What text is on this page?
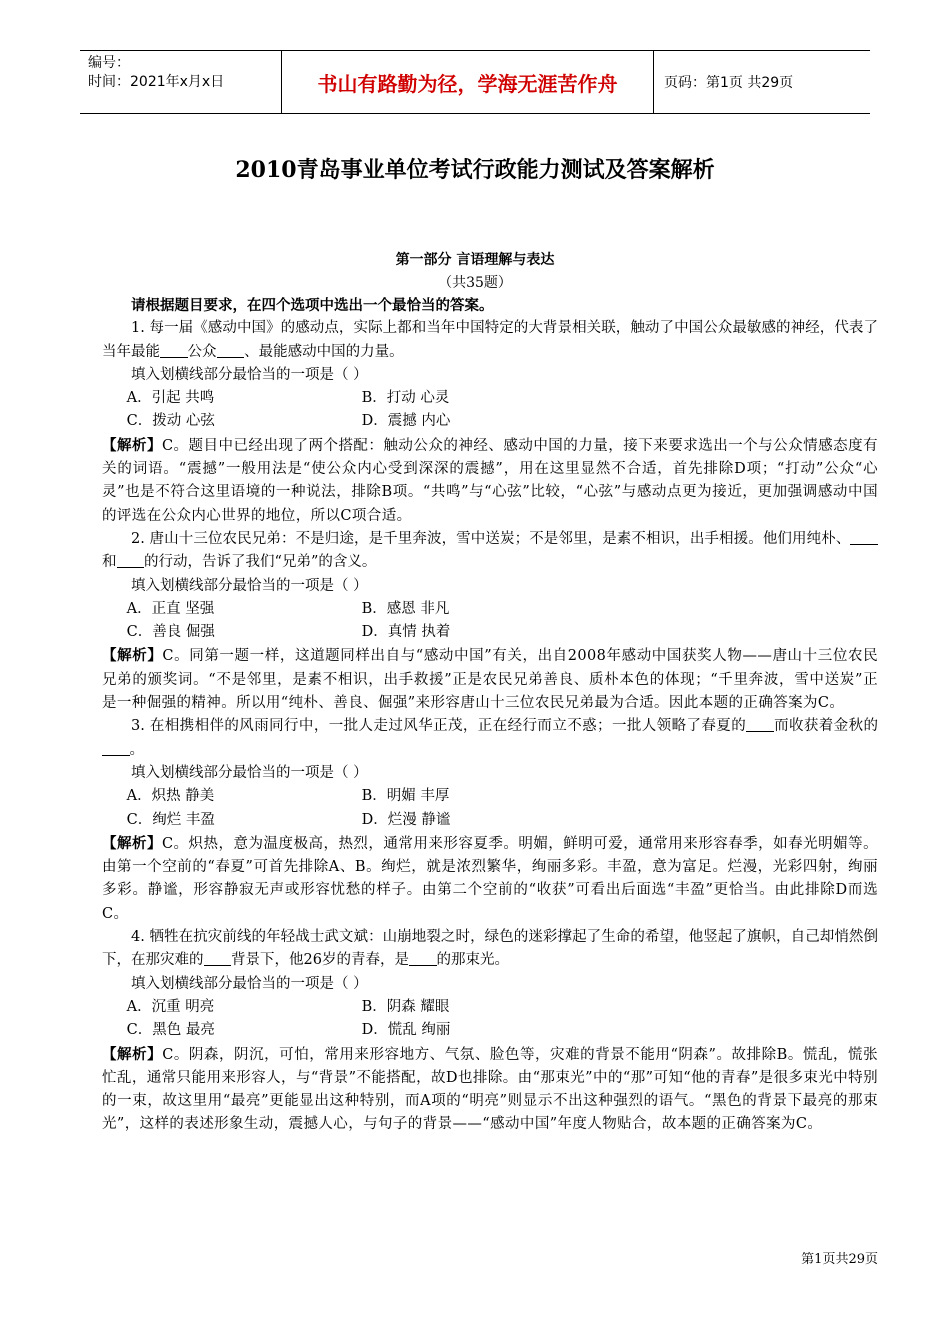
编号：
时间：2021年x月x日	书山有路勤为径，学海无涯苦作舟	页码：第1页 共29页
2010青岛事业单位考试行政能力测试及答案解析
第一部分 言语理解与表达
（共35题）

请根据题目要求，在四个选项中选出一个最恰当的答案。

1. 每一届《感动中国》的感动点，实际上都和当年中国特定的大背景相关联，触动了中国公众最敏感的神经，代表了当年最能 公众 、最能感动中国的力量。

填入划横线部分最恰当的一项是（ ）

A．引起 共鸣	B．打动 心灵
C．拨动 心弦	D．震撼 内心

【解析】C。题目中已经出现了两个搭配：触动公众的神经、感动中国的力量，接下来要求选出一个与公众情感态度有关的词语。“震撼”一般用法是“使公众内心受到深深的震撼”，用在这里显然不合适，首先排除D项；“打动”公众“心灵”也是不符合这里语境的一种说法，排除B项。“共鸣”与“心弦”比较，“心弦”与感动点更为接近，更加强调感动中国的评选在公众内心世界的地位，所以C项合适。

2. 唐山十三位农民兄弟：不是归途，是千里奔波，雪中送炭；不是邻里，是素不相识，出手相援。他们用纯朴、和 的行动，告诉了我们“兄弟”的含义。

填入划横线部分最恰当的一项是（ ）

A．正直 坚强	B．感恩 非凡
C．善良 倔强	D．真情 执着

【解析】C。同第一题一样，这道题同样出自与“感动中国”有关，出自2008年感动中国获奖人物——唐山十三位农民兄弟的颁奖词。“不是邻里，是素不相识，出手救援”正是农民兄弟善良、质朴本色的体现；“千里奔波，雪中送炭”正是一种倔强的精神。所以用“纯朴、善良、倔强”来形容唐山十三位农民兄弟最为合适。因此本题的正确答案为C。

3. 在相携相伴的风雨同行中，一批人走过风华正茂，正在经行而立不惑；一批人领略了春夏的 而收获着金秋的。

填入划横线部分最恰当的一项是（ ）

A．炽热 静美	B．明媚 丰厚
C．绚烂 丰盈	D．烂漫 静谧

【解析】C。炽热，意为温度极高，热烈，通常用来形容夏季。明媚，鲜明可爱，通常用来形容春季，如春光明媚等。由第一个空前的“春夏”可首先排除A、B。绚烂，就是浓烈繁华，绚丽多彩。丰盈，意为富足。烂漫，光彩四射，绚丽多彩。静谧，形容静寂无声或形容忧愁的样子。由第二个空前的“收获”可看出后面选“丰盈”更恰当。由此排除D而选C。

4. 牺牲在抗灾前线的年轻战士武文斌：山崩地裂之时，绿色的迷彩撑起了生命的希望，他竖起了旗帜，自己却悄然倒下，在那灾难的 背景下，他26岁的青春，是 的那束光。

填入划横线部分最恰当的一项是（ ）

A．沉重 明亮	B．阴森 耀眼
C．黑色 最亮	D．慌乱 绚丽

【解析】C。阴森，阴沉，可怕，常用来形容地方、气氛、脸色等，灾难的背景不能用“阴森”。故排除B。慌乱，慌张忙乱，通常只能用来形容人，与“背景”不能搭配，故D也排除。由“那束光”中的“那”可知“他的青春”是很多束光中特别的一束，故这里用“最亮”更能显出这种特别，而A项的“明亮”则显示不出这种强烈的语气。“黑色的背景下最亮的那束光”，这样的表述形象生动，震撼人心，与句子的背景——“感动中国”年度人物贴合，故本题的正确答案为C。

第1页共29页
